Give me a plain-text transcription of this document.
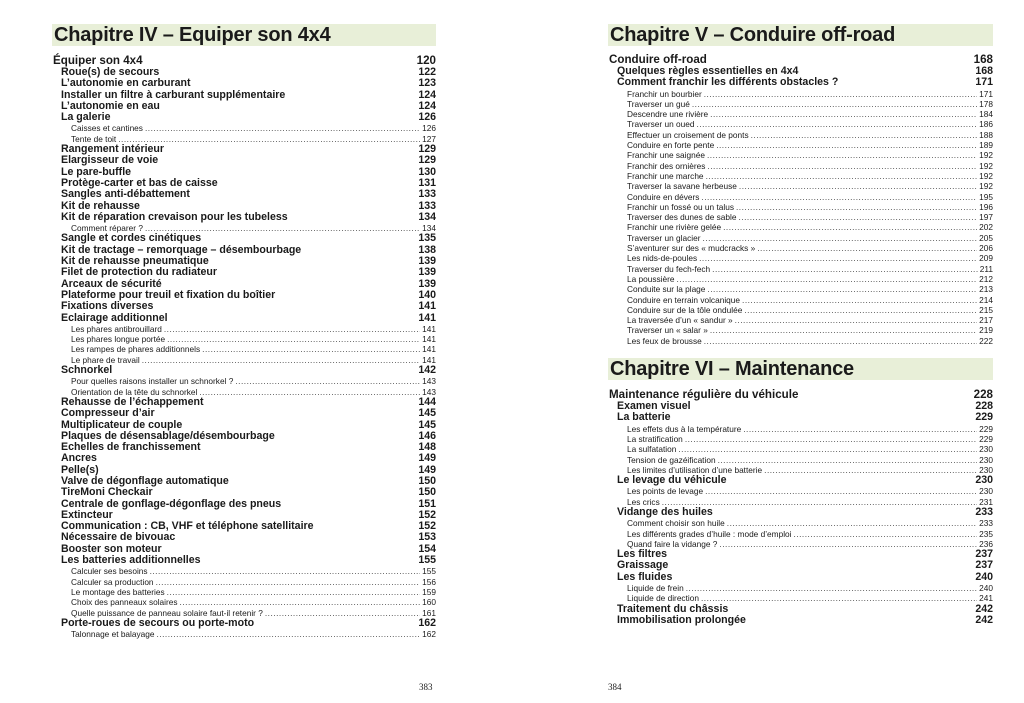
Chapitre IV – Equiper son 4x4
Équiper son 4x4	120
Roue(s) de secours	122
L’autonomie en carburant	123
Installer un filtre à carburant supplémentaire	124
L’autonomie en eau	124
La galerie	126
Caisses et cantines .....	126
Tente de toit .....	127
Rangement intérieur	129
Élargisseur de voie	129
Le pare-buffle	130
Protège-carter et bas de caisse	131
Sangles anti-débattement	133
Kit de rehausse	133
Kit de réparation crevaison pour les tubeless	134
Comment réparer ? .....	134
Sangle et cordes cinétiques	135
Kit de tractage – remorquage – désembourbage	138
Kit de rehausse pneumatique	139
Filet de protection du radiateur	139
Arceaux de sécurité	139
Plateforme pour treuil et fixation du boîtier	140
Fixations diverses	141
Éclairage additionnel	141
Les phares antibrouillard .....	141
Les phares longue portée .....	141
Les rampes de phares additionnels .....	141
Le phare de travail .....	141
Schnorkel	142
Pour quelles raisons installer un schnorkel ? .....	143
Orientation de la tête du schnorkel .....	143
Rehausse de l’échappement	144
Compresseur d’air	145
Multiplicateur de couple	145
Plaques de désensablage/désembourbage	146
Échelles de franchissement	148
Ancres	149
Pelle(s)	149
Valve de dégonflage automatique	150
TireMoni Checkair	150
Centrale de gonflage-dégonflage des pneus	151
Extincteur	152
Communication : CB, VHF et téléphone satellitaire	152
Nécessaire de bivouac	153
Booster son moteur	154
Les batteries additionnelles	155
Calculer ses besoins .....	155
Calculer sa production .....	156
Le montage des batteries .....	159
Choix des panneaux solaires .....	160
Quelle puissance de panneau solaire faut-il retenir ? .....	161
Porte-roues de secours ou porte-moto	162
Talonnage et balayage .....	162
383
Chapitre V – Conduire off-road
Conduire off-road	168
Quelques règles essentielles en 4x4	168
Comment franchir les différents obstacles ?	171
Franchir un bourbier .....	171
Traverser un gué .....	178
Descendre une rivière .....	184
Traverser un oued .....	186
Effectuer un croisement de ponts .....	188
Conduire en forte pente .....	189
Franchir une saignée .....	192
Franchir des ornières .....	192
Franchir une marche .....	192
Traverser la savane herbeuse .....	192
Conduire en dévers .....	195
Franchir un fossé ou un talus .....	196
Traverser des dunes de sable .....	197
Franchir une rivière gelée .....	202
Traverser un glacier .....	205
S’aventurer sur des « mudcracks » .....	206
Les nids-de-poules .....	209
Traverser du fech-fech .....	211
La poussière .....	212
Conduite sur la plage .....	213
Conduire en terrain volcanique .....	214
Conduire sur de la tôle ondulée .....	215
La traversée d’un « sandur » .....	217
Traverser un « salar » .....	219
Les feux de brousse .....	222
Chapitre VI – Maintenance
Maintenance régulière du véhicule	228
Examen visuel	228
La batterie	229
Les effets dus à la température .....	229
La stratification .....	229
La sulfatation .....	230
Tension de gazéification .....	230
Les limites d’utilisation d’une batterie .....	230
Le levage du véhicule	230
Les points de levage .....	230
Les crics .....	231
Vidange des huiles	233
Comment choisir son huile .....	233
Les différents grades d’huile : mode d’emploi .....	235
Quand faire la vidange ? .....	236
Les filtres	237
Graissage	237
Les fluides	240
Liquide de frein .....	240
Liquide de direction .....	241
Traitement du châssis	242
Immobilisation prolongée	242
384
